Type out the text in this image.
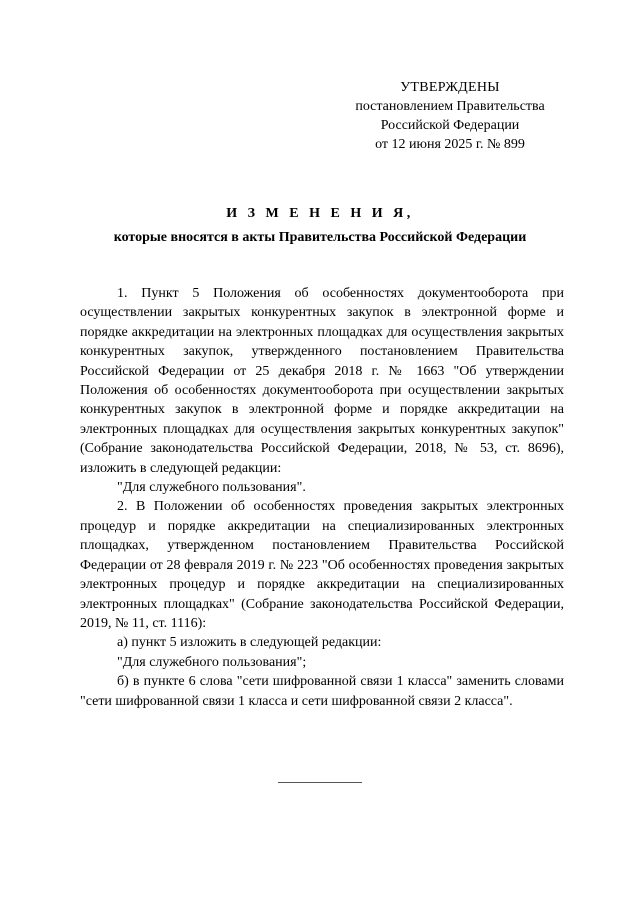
УТВЕРЖДЕНЫ
постановлением Правительства
Российской Федерации
от 12 июня 2025 г. № 899
И З М Е Н Е Н И Я,
которые вносятся в акты Правительства Российской Федерации

1. Пункт 5 Положения об особенностях документооборота при осуществлении закрытых конкурентных закупок в электронной форме и порядке аккредитации на электронных площадках для осуществления закрытых конкурентных закупок, утвержденного постановлением Правительства Российской Федерации от 25 декабря 2018 г. № 1663 "Об утверждении Положения об особенностях документооборота при осуществлении закрытых конкурентных закупок в электронной форме и порядке аккредитации на электронных площадках для осуществления закрытых конкурентных закупок" (Собрание законодательства Российской Федерации, 2018, № 53, ст. 8696), изложить в следующей редакции:

"Для служебного пользования".

2. В Положении об особенностях проведения закрытых электронных процедур и порядке аккредитации на специализированных электронных площадках, утвержденном постановлением Правительства Российской Федерации от 28 февраля 2019 г. № 223 "Об особенностях проведения закрытых электронных процедур и порядке аккредитации на специализированных электронных площадках" (Собрание законодательства Российской Федерации, 2019, № 11, ст. 1116):

а) пункт 5 изложить в следующей редакции:

"Для служебного пользования";

б) в пункте 6 слова "сети шифрованной связи 1 класса" заменить словами "сети шифрованной связи 1 класса и сети шифрованной связи 2 класса".
